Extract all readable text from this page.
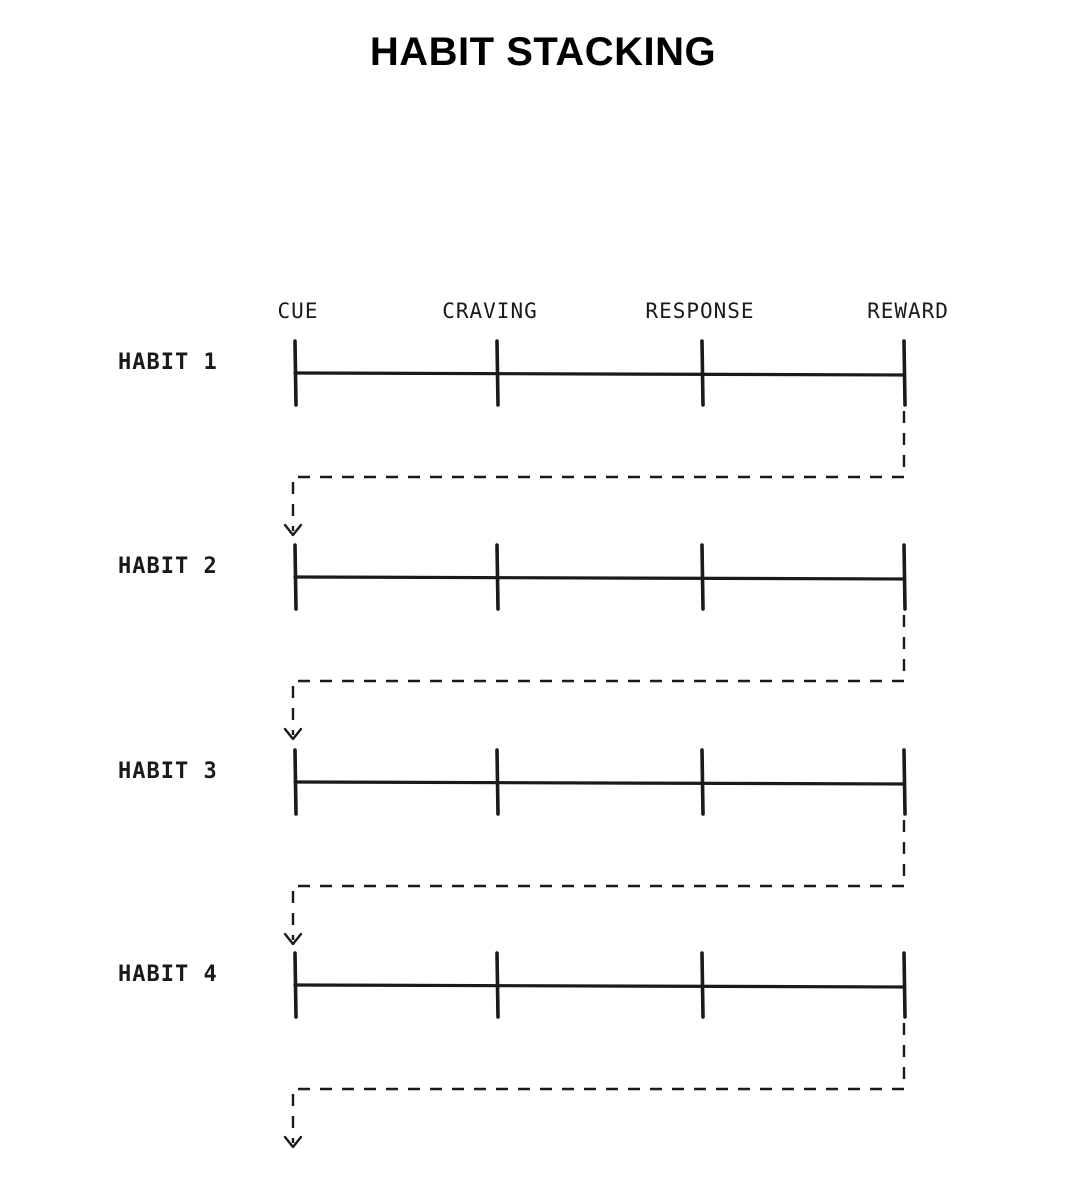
HABIT STACKING
CUE	CRAVING	RESPONSE	REWARD
HABIT 1
HABIT 2
HABIT 3
HABIT 4
